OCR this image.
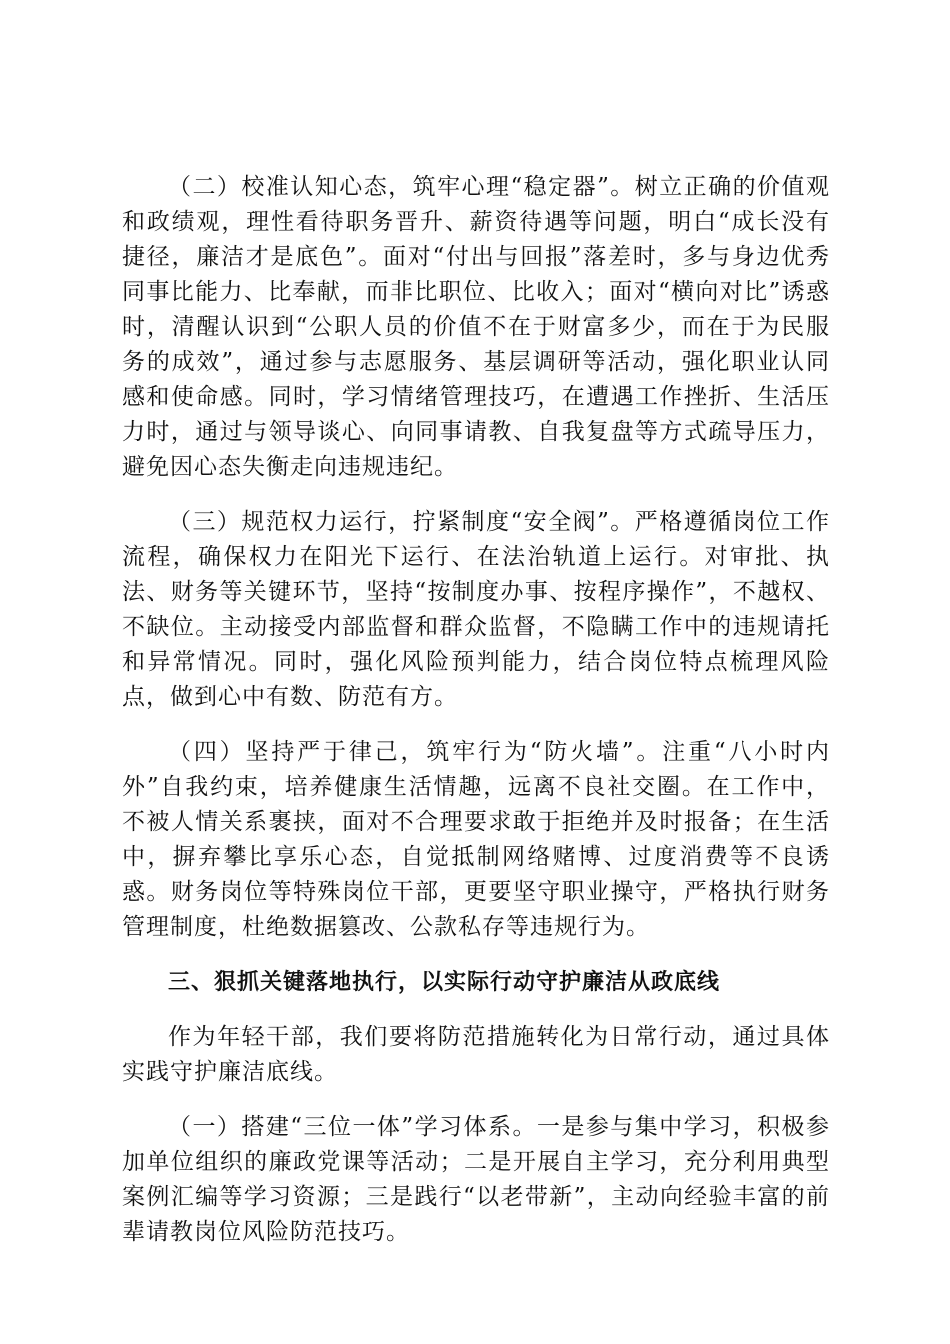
（二）校准认知心态，筑牢心理“稳定器”。树立正确的价值观和政绩观，理性看待职务晋升、薪资待遇等问题，明白“成长没有捷径，廉洁才是底色”。面对“付出与回报”落差时，多与身边优秀同事比能力、比奉献，而非比职位、比收入；面对“横向对比”诱惑时，清醒认识到“公职人员的价值不在于财富多少，而在于为民服务的成效”，通过参与志愿服务、基层调研等活动，强化职业认同感和使命感。同时，学习情绪管理技巧，在遭遇工作挫折、生活压力时，通过与领导谈心、向同事请教、自我复盘等方式疏导压力，避免因心态失衡走向违规违纪。

（三）规范权力运行，拧紧制度“安全阀”。严格遵循岗位工作流程，确保权力在阳光下运行、在法治轨道上运行。对审批、执法、财务等关键环节，坚持“按制度办事、按程序操作”，不越权、不缺位。主动接受内部监督和群众监督，不隐瞒工作中的违规请托和异常情况。同时，强化风险预判能力，结合岗位特点梳理风险点，做到心中有数、防范有方。

（四）坚持严于律己，筑牢行为“防火墙”。注重“八小时内外”自我约束，培养健康生活情趣，远离不良社交圈。在工作中，不被人情关系裹挟，面对不合理要求敢于拒绝并及时报备；在生活中，摒弃攀比享乐心态，自觉抵制网络赌博、过度消费等不良诱惑。财务岗位等特殊岗位干部，更要坚守职业操守，严格执行财务管理制度，杜绝数据篡改、公款私存等违规行为。

三、狠抓关键落地执行，以实际行动守护廉洁从政底线

作为年轻干部，我们要将防范措施转化为日常行动，通过具体实践守护廉洁底线。

（一）搭建“三位一体”学习体系。一是参与集中学习，积极参加单位组织的廉政党课等活动；二是开展自主学习，充分利用典型案例汇编等学习资源；三是践行“以老带新”，主动向经验丰富的前辈请教岗位风险防范技巧。
